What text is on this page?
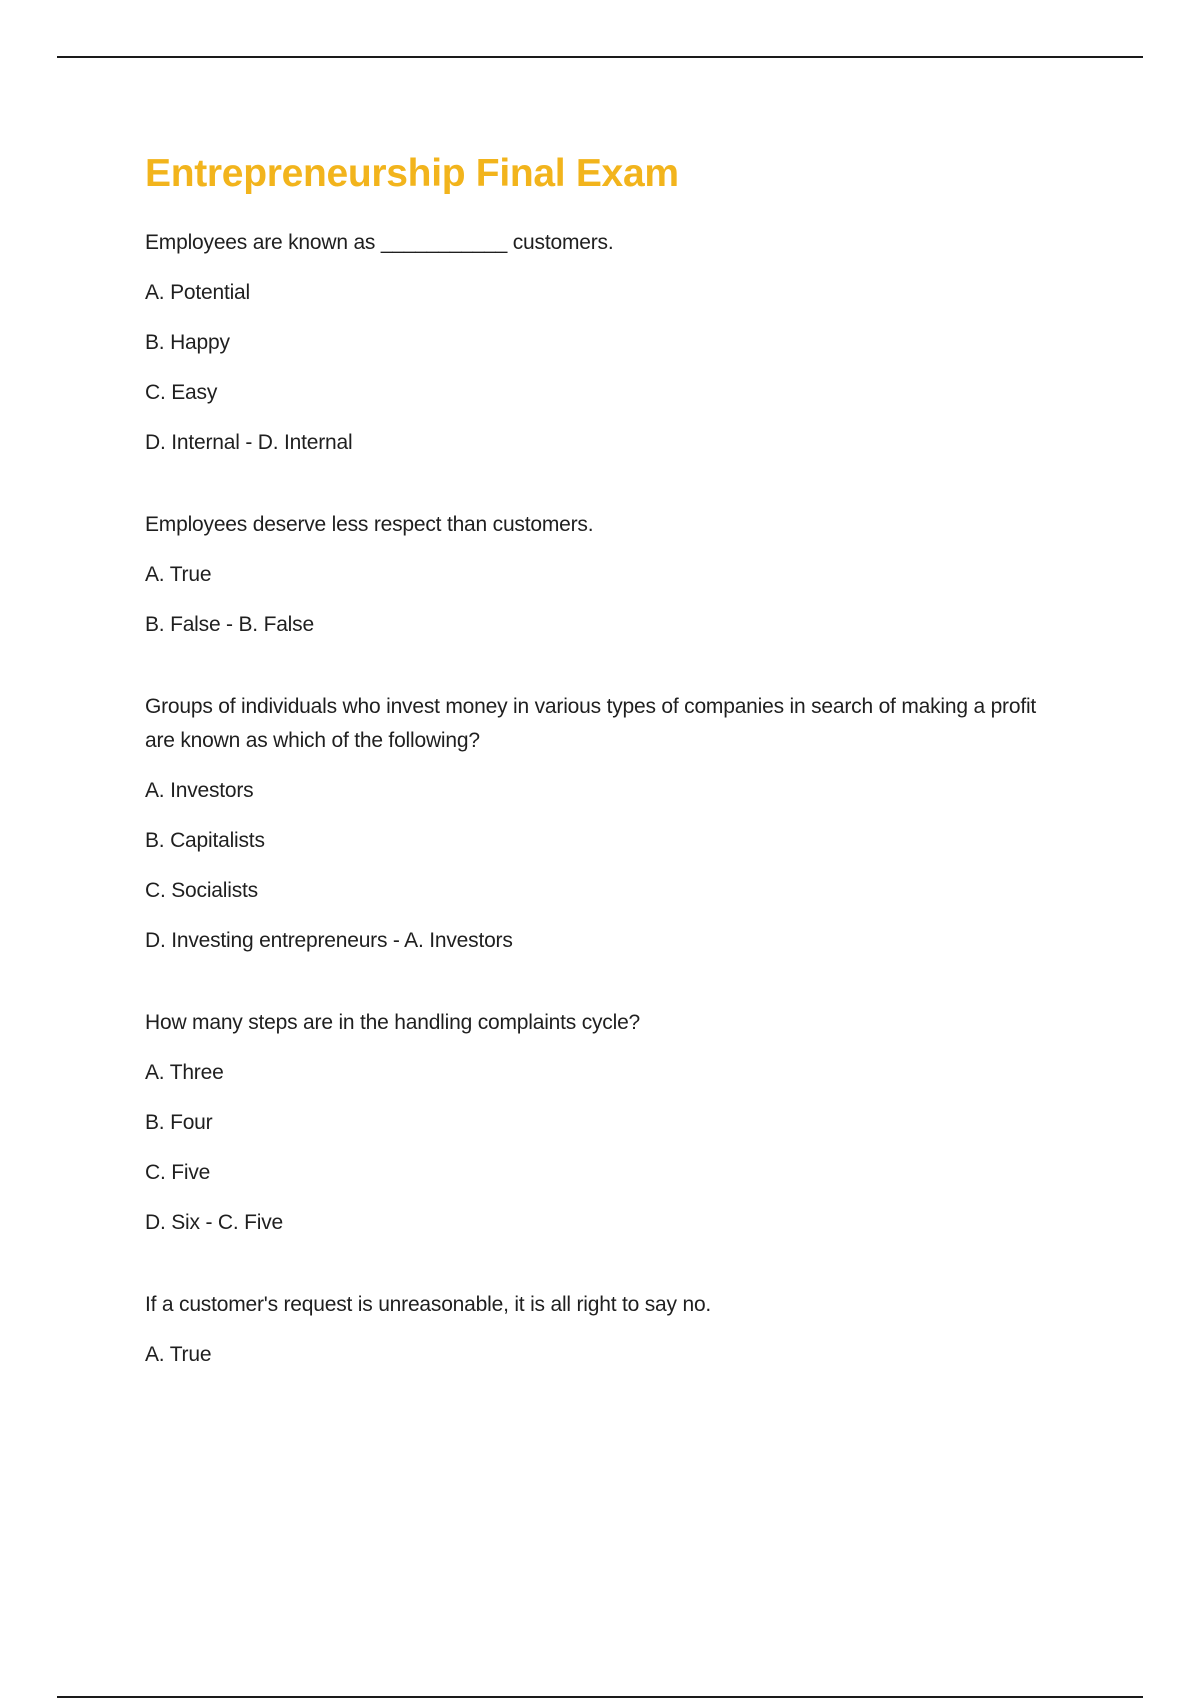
Entrepreneurship Final Exam

Employees are known as ___________ customers.

A. Potential

B. Happy

C. Easy

D. Internal - D. Internal

Employees deserve less respect than customers.

A. True

B. False - B. False

Groups of individuals who invest money in various types of companies in search of making a profit are known as which of the following?

A. Investors

B. Capitalists

C. Socialists

D. Investing entrepreneurs - A. Investors

How many steps are in the handling complaints cycle?

A. Three

B. Four

C. Five

D. Six - C. Five

If a customer's request is unreasonable, it is all right to say no.

A. True
